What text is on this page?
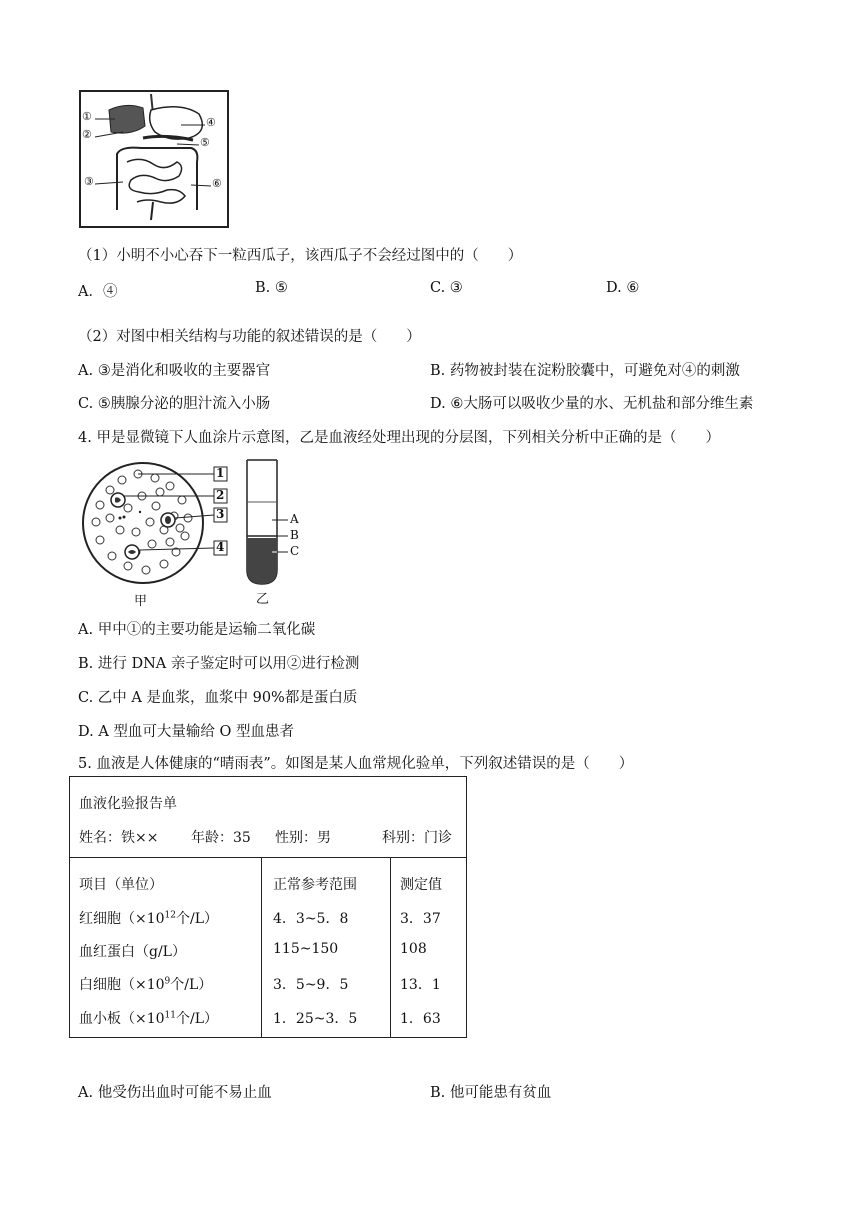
①
②
③
④
⑤
⑥
（1）小明不小心吞下一粒西瓜子，该西瓜子不会经过图中的（　　）
A．④	B. ⑤	C. ③	D. ⑥
（2）对图中相关结构与功能的叙述错误的是（　　）
A. ③是消化和吸收的主要器官	B. 药物被封装在淀粉胶囊中，可避免对④的刺激
C. ⑤胰腺分泌的胆汁流入小肠	D. ⑥大肠可以吸收少量的水、无机盐和部分维生素
4. 甲是显微镜下人血涂片示意图，乙是血液经处理出现的分层图，下列相关分析中正确的是（　　）
1
2
3
4
甲
A
B
C
乙
A. 甲中①的主要功能是运输二氧化碳
B. 进行 DNA 亲子鉴定时可以用②进行检测
C. 乙中 A 是血浆，血浆中 90%都是蛋白质
D. A 型血可大量输给 O 型血患者
5. 血液是人体健康的“晴雨表”。如图是某人血常规化验单，下列叙述错误的是（　　）
血液化验报告单
姓名：铁×× 年龄：35 性别：男	科别：门诊
项目（单位）	正常参考范围	测定值
红细胞（$\times 10^{12}$个/L）	4．3~5．8	3．37
血红蛋白（g/L）	115~150	108
白细胞（$\times 10^9$个/L）	3．5~9．5	13．1
血小板（$\times 10^{11}$个/L）	1．25~3．5	1．63
A. 他受伤出血时可能不易止血	B. 他可能患有贫血
